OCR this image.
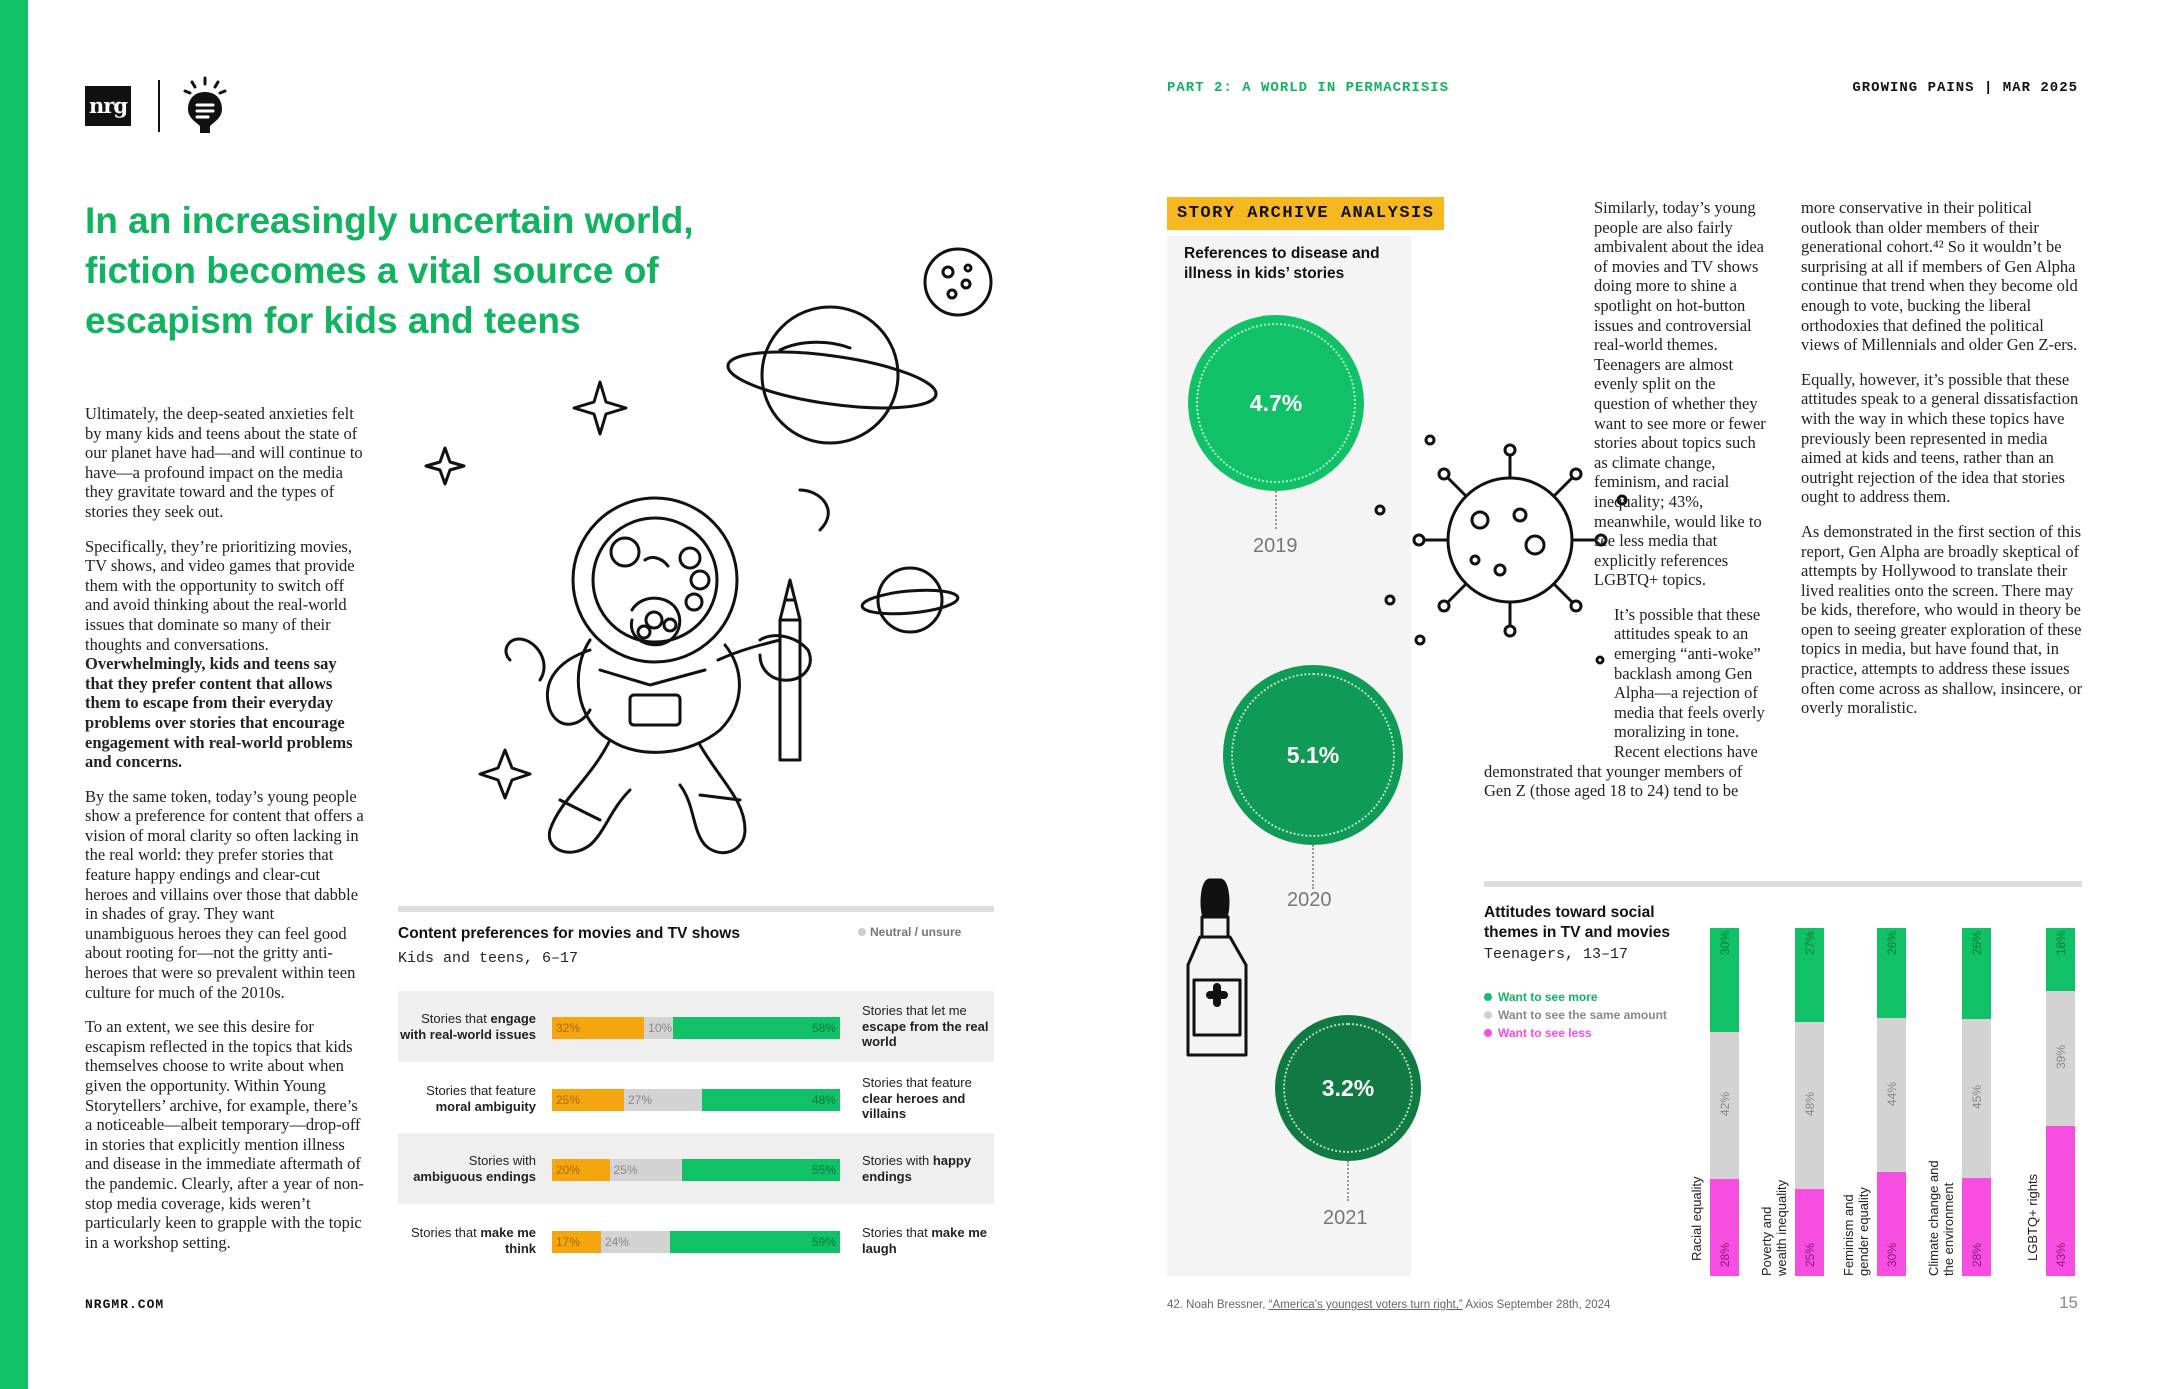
nrg
PART 2: A WORLD IN PERMACRISIS	GROWING PAINS | MAR 2025
In an increasingly uncertain world, fiction becomes a vital source of escapism for kids and teens

Ultimately, the deep-seated anxieties felt by many kids and teens about the state of our planet have had—and will continue to have—a profound impact on the media they gravitate toward and the types of stories they seek out.

Specifically, they’re prioritizing movies, TV shows, and video games that provide them with the opportunity to switch off and avoid thinking about the real-world issues that dominate so many of their thoughts and conversations. Overwhelmingly, kids and teens say that they prefer content that allows them to escape from their everyday problems over stories that encourage engagement with real-world problems and concerns.

By the same token, today’s young people show a preference for content that offers a vision of moral clarity so often lacking in the real world: they prefer stories that feature happy endings and clear-cut heroes and villains over those that dabble in shades of gray. They want unambiguous heroes they can feel good about rooting for—not the gritty anti-heroes that were so prevalent within teen culture for much of the 2010s.

To an extent, we see this desire for escapism reflected in the topics that kids themselves choose to write about when given the opportunity. Within Young Storytellers’ archive, for example, there’s a noticeable—albeit temporary—drop-off in stories that explicitly mention illness and disease in the immediate aftermath of the pandemic. Clearly, after a year of non-stop media coverage, kids weren’t particularly keen to grapple with the topic in a workshop setting.

Content preferences for movies and TV shows
Kids and teens, 6–17
Neutral / unsure
Stories that engage with real-world issues	32%	10%	58%
Stories that let me escape from the real world
Stories that feature moral ambiguity	25%	27%	48%
Stories that feature clear heroes and villains
Stories with ambiguous endings	20%	25%	55%
Stories with happy endings
Stories that make me think	17%	24%	59%
Stories that make me laugh
STORY ARCHIVE ANALYSIS
References to disease and illness in kids’ stories
4.7%
2019
5.1%
2020
3.2%
2021

Similarly, today’s young people are also fairly ambivalent about the idea of movies and TV shows doing more to shine a spotlight on hot-button issues and controversial real-world themes. Teenagers are almost evenly split on the question of whether they want to see more or fewer stories about topics such as climate change, feminism, and racial inequality; 43%, meanwhile, would like to see less media that explicitly references LGBTQ+ topics.

It’s possible that these attitudes speak to an emerging “anti-woke” backlash among Gen Alpha—a rejection of media that feels overly moralizing in tone. Recent elections have demonstrated that younger members of Gen Z (those aged 18 to 24) tend to be

more conservative in their political outlook than older members of their generational cohort.⁴² So it wouldn’t be surprising at all if members of Gen Alpha continue that trend when they become old enough to vote, bucking the liberal orthodoxies that defined the political views of Millennials and older Gen Z-ers.

Equally, however, it’s possible that these attitudes speak to a general dissatisfaction with the way in which these topics have previously been represented in media aimed at kids and teens, rather than an outright rejection of the idea that stories ought to address them.

As demonstrated in the first section of this report, Gen Alpha are broadly skeptical of attempts by Hollywood to translate their lived realities onto the screen. There may be kids, therefore, who would in theory be open to seeing greater exploration of these topics in media, but have found that, in practice, attempts to address these issues often come across as shallow, insincere, or overly moralistic.

Attitudes toward social themes in TV and movies
Teenagers, 13–17
Want to see more
Want to see the same amount
Want to see less
30%
42%
28%
Racial equality
27%
48%
25%
Poverty and
wealth inequality
26%
44%
30%
Feminism and
gender equality
26%
45%
28%
Climate change and
the environment
18%
39%
43%
LGBTQ+ rights
NRGMR.COM	42. Noah Bressner, “America’s youngest voters turn right,” Axios September 28th, 2024	15
